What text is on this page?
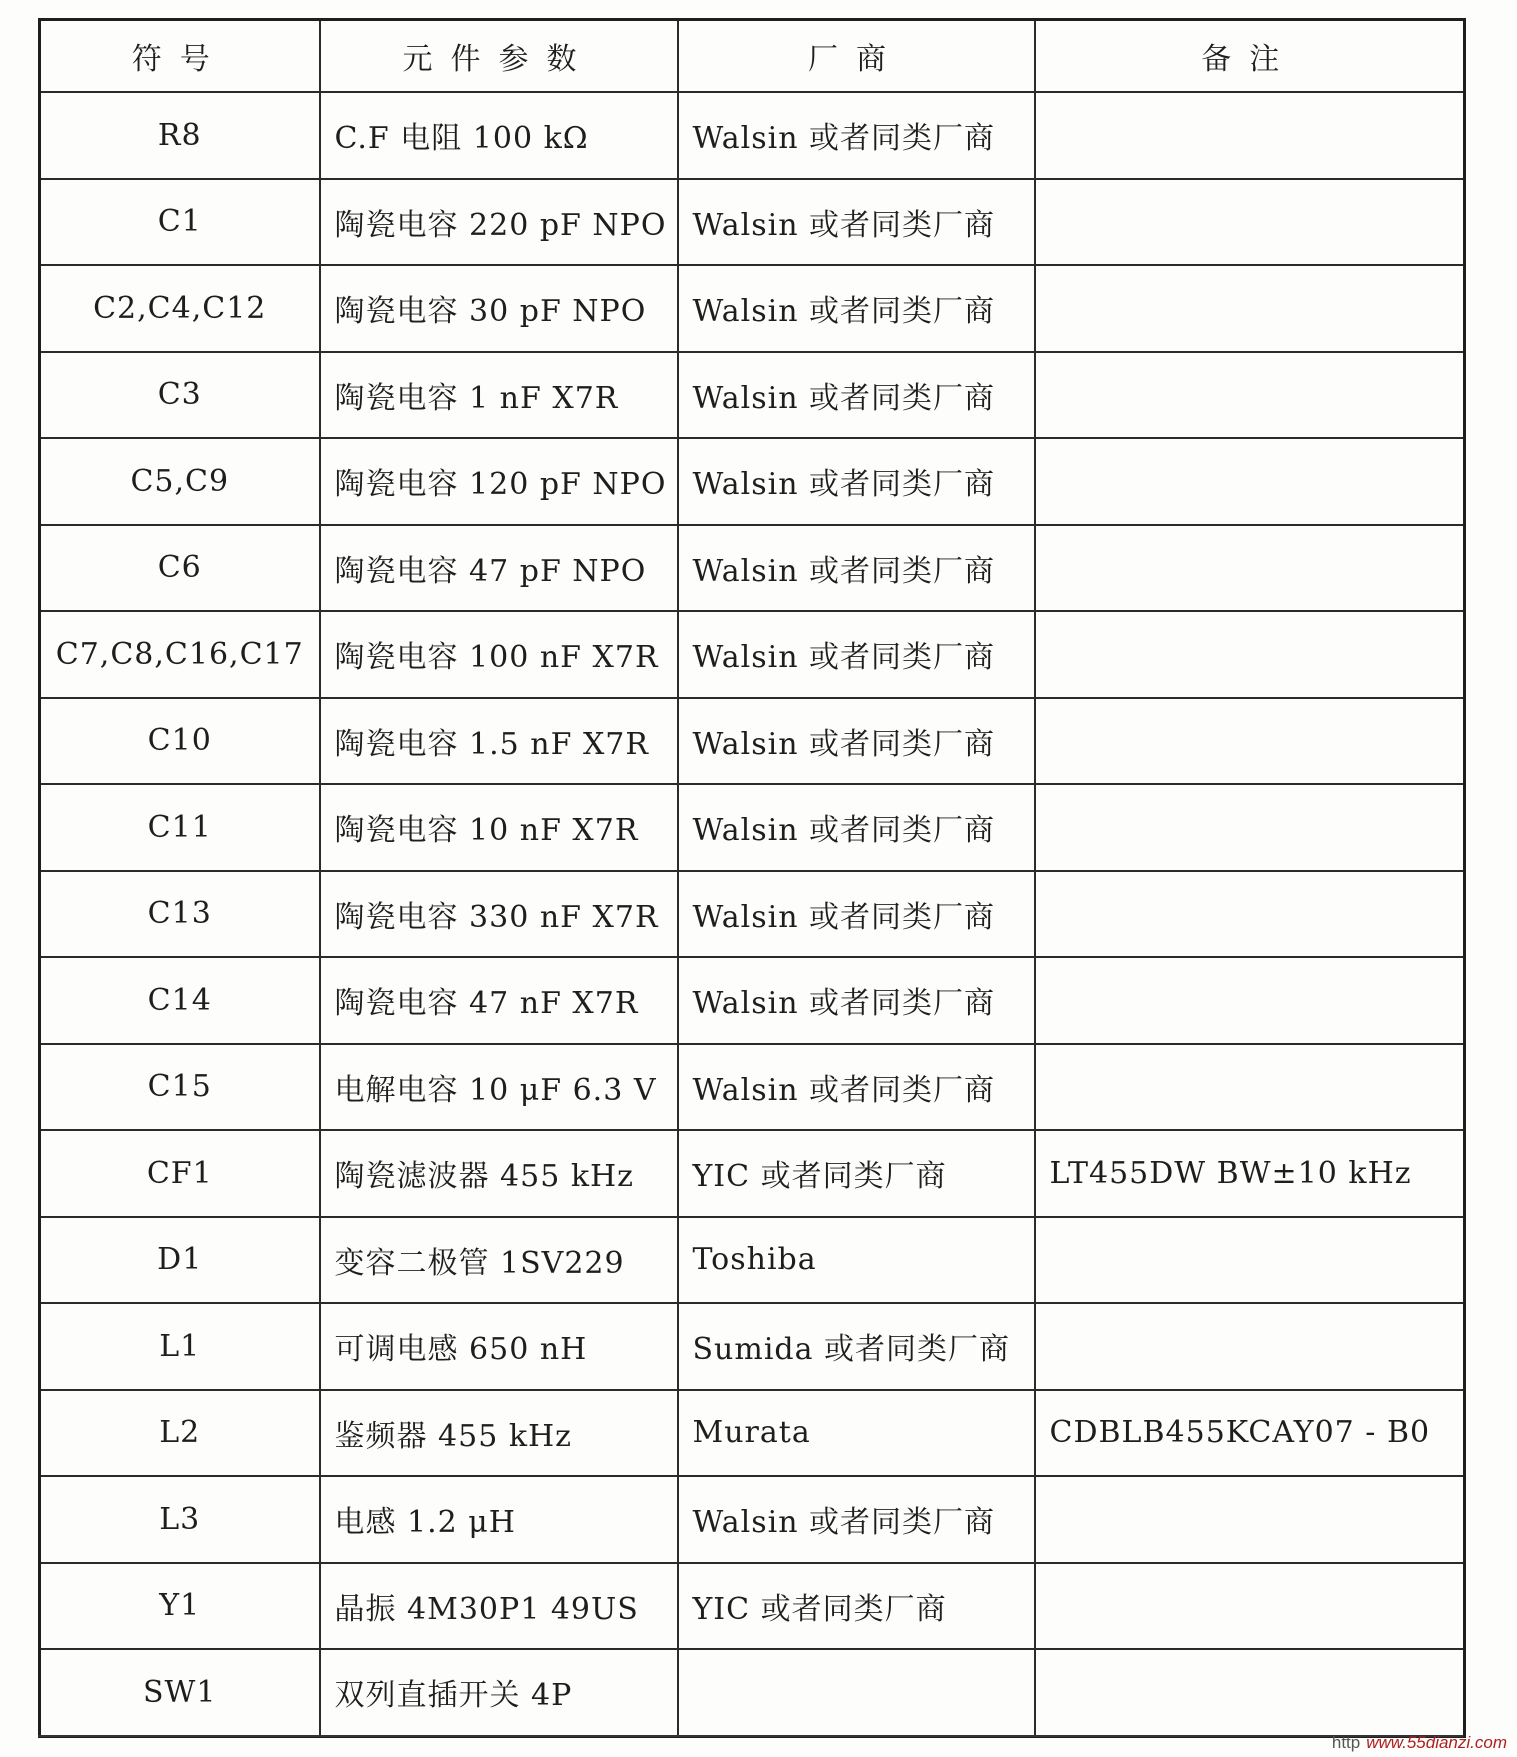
符号	元件参数	厂商	备注
R8	C.F 电阻 100 kΩ	Walsin 或者同类厂商	
C1	陶瓷电容 220 pF NPO	Walsin 或者同类厂商	
C2,C4,C12	陶瓷电容 30 pF NPO	Walsin 或者同类厂商	
C3	陶瓷电容 1 nF X7R	Walsin 或者同类厂商	
C5,C9	陶瓷电容 120 pF NPO	Walsin 或者同类厂商	
C6	陶瓷电容 47 pF NPO	Walsin 或者同类厂商	
C7,C8,C16,C17	陶瓷电容 100 nF X7R	Walsin 或者同类厂商	
C10	陶瓷电容 1.5 nF X7R	Walsin 或者同类厂商	
C11	陶瓷电容 10 nF X7R	Walsin 或者同类厂商	
C13	陶瓷电容 330 nF X7R	Walsin 或者同类厂商	
C14	陶瓷电容 47 nF X7R	Walsin 或者同类厂商	
C15	电解电容 10 μF 6.3 V	Walsin 或者同类厂商	
CF1	陶瓷滤波器 455 kHz	YIC 或者同类厂商	LT455DW BW±10 kHz
D1	变容二极管 1SV229	Toshiba	
L1	可调电感 650 nH	Sumida 或者同类厂商	
L2	鉴频器 455 kHz	Murata	CDBLB455KCAY07 - B0
L3	电感 1.2 μH	Walsin 或者同类厂商	
Y1	晶振 4M30P1 49US	YIC 或者同类厂商	
SW1	双列直插开关 4P		
http www.55dianzi.com
